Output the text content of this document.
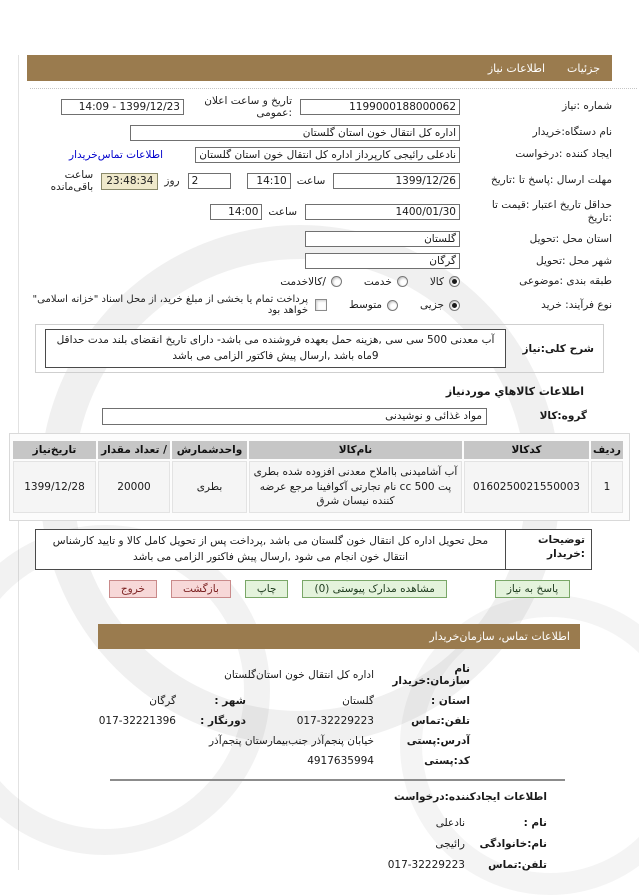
جزئیات
اطلاعات نیاز
شماره :نیاز
1199000188000062
تاریخ و ساعت اعلان :عمومی
1399/12/23 - 14:09
نام دستگاه:خریدار
اداره کل انتقال خون استان گلستان
ایجاد کننده :درخواست
نادعلی رائیجی کارپرداز اداره کل انتقال خون استان گلستان
اطلاعات تماس‌خریدار
مهلت ارسال :پاسخ تا :تاریخ
1399/12/26
ساعت
14:10
2
روز
23:48:34
ساعت باقی‌مانده
حداقل تاریخ اعتبار :قیمت تا :تاریخ
1400/01/30
ساعت
14:00
استان محل :تحویل
گلستان
شهر محل :تحویل
گرگان
طبقه بندی :موضوعی
کالا
خدمت
/کالاخدمت
نوع فرآیند: خرید
جزیی
متوسط
پرداخت تمام یا بخشی از مبلغ خرید، از محل اسناد "خزانه اسلامی" خواهد بود
شرح کلی:نیاز
آب معدنی 500 سی سی ,هزینه حمل بعهده فروشنده می باشد- دارای تاریخ انقضای بلند مدت حداقل 9ماه باشد ,ارسال پیش فاکتور الزامی می باشد
اطلاعات كالاهاي موردنياز
گروه:کالا
مواد غذائی و نوشیدنی
ردیف	کدکالا	نام‌کالا	واحدشمارش	/ تعداد مقدار	تاریخ‌نیاز
1	0160250021550003	آب آشامیدنی بااملاح معدنی افزوده شده بطری پت 500 cc نام تجارتی آکوافینا مرجع عرضه کننده نیسان شرق	بطری	20000	1399/12/28
توضیحات :خریدار
محل تحویل اداره کل انتقال خون گلستان می باشد ,پرداخت پس از تحویل کامل کالا و تایید کارشناس انتقال خون انجام می شود ,ارسال پیش فاکتور الزامی می باشد
پاسخ به نیاز
مشاهده مدارک پیوستی (0)
چاپ
بازگشت
خروج
اطلاعات تماس، سازمان‌خریدار
نام سازمان:خریدار
اداره کل انتقال خون استان‌گلستان
استان :
گلستان
شهر :
گرگان
تلفن:تماس
017-32229223
دورنگار :
017-32221396
آدرس:پستی
خیابان پنجم‌آذر جنب‌بیمارستان پنجم‌آذر
کد:پستی
4917635994
اطلاعات ایجادکننده:درخواست
نام :
نادعلی
نام:خانوادگی
رائیجی
تلفن:تماس
017-32229223
